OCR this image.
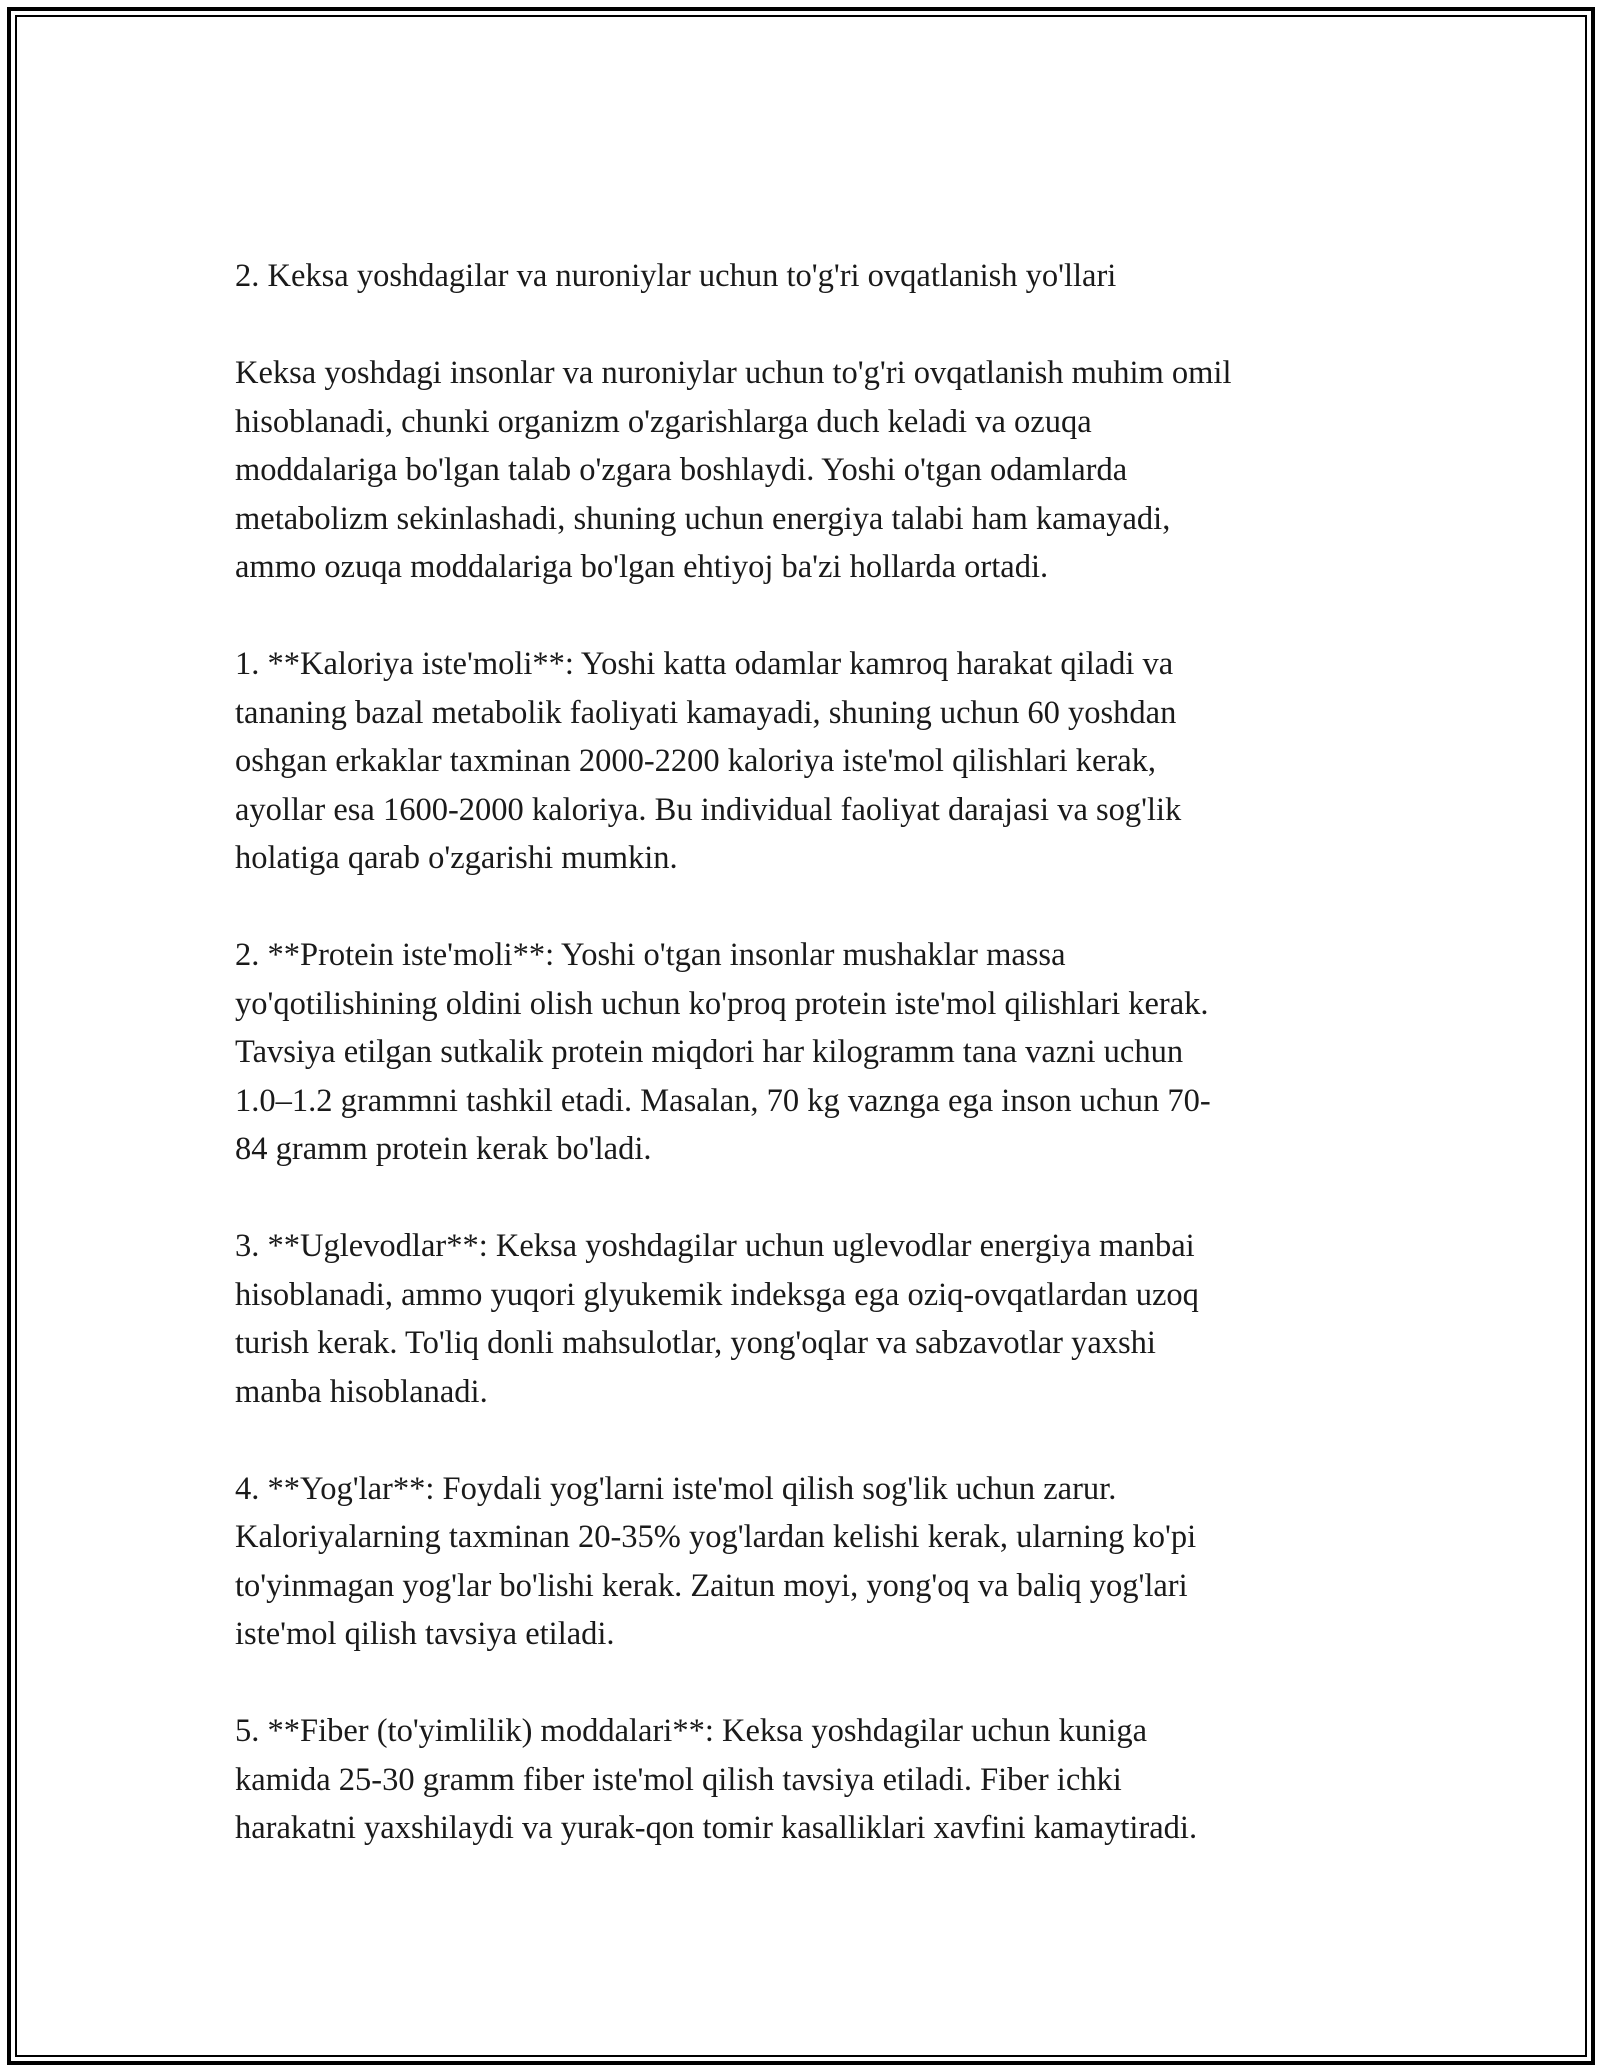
2. Keksa yoshdagilar va nuroniylar uchun to'g'ri ovqatlanish yo'llari

Keksa yoshdagi insonlar va nuroniylar uchun to'g'ri ovqatlanish muhim omil
hisoblanadi, chunki organizm o'zgarishlarga duch keladi va ozuqa
moddalariga bo'lgan talab o'zgara boshlaydi. Yoshi o'tgan odamlarda
metabolizm sekinlashadi, shuning uchun energiya talabi ham kamayadi,
ammo ozuqa moddalariga bo'lgan ehtiyoj ba'zi hollarda ortadi.

1. **Kaloriya iste'moli**: Yoshi katta odamlar kamroq harakat qiladi va
tananing bazal metabolik faoliyati kamayadi, shuning uchun 60 yoshdan
oshgan erkaklar taxminan 2000-2200 kaloriya iste'mol qilishlari kerak,
ayollar esa 1600-2000 kaloriya. Bu individual faoliyat darajasi va sog'lik
holatiga qarab o'zgarishi mumkin.

2. **Protein iste'moli**: Yoshi o'tgan insonlar mushaklar massa
yo'qotilishining oldini olish uchun ko'proq protein iste'mol qilishlari kerak.
Tavsiya etilgan sutkalik protein miqdori har kilogramm tana vazni uchun
1.0–1.2 grammni tashkil etadi. Masalan, 70 kg vaznga ega inson uchun 70-
84 gramm protein kerak bo'ladi.

3. **Uglevodlar**: Keksa yoshdagilar uchun uglevodlar energiya manbai
hisoblanadi, ammo yuqori glyukemik indeksga ega oziq-ovqatlardan uzoq
turish kerak. To'liq donli mahsulotlar, yong'oqlar va sabzavotlar yaxshi
manba hisoblanadi.

4. **Yog'lar**: Foydali yog'larni iste'mol qilish sog'lik uchun zarur.
Kaloriyalarning taxminan 20-35% yog'lardan kelishi kerak, ularning ko'pi
to'yinmagan yog'lar bo'lishi kerak. Zaitun moyi, yong'oq va baliq yog'lari
iste'mol qilish tavsiya etiladi.

5. **Fiber (to'yimlilik) moddalari**: Keksa yoshdagilar uchun kuniga
kamida 25-30 gramm fiber iste'mol qilish tavsiya etiladi. Fiber ichki
harakatni yaxshilaydi va yurak-qon tomir kasalliklari xavfini kamaytiradi.
